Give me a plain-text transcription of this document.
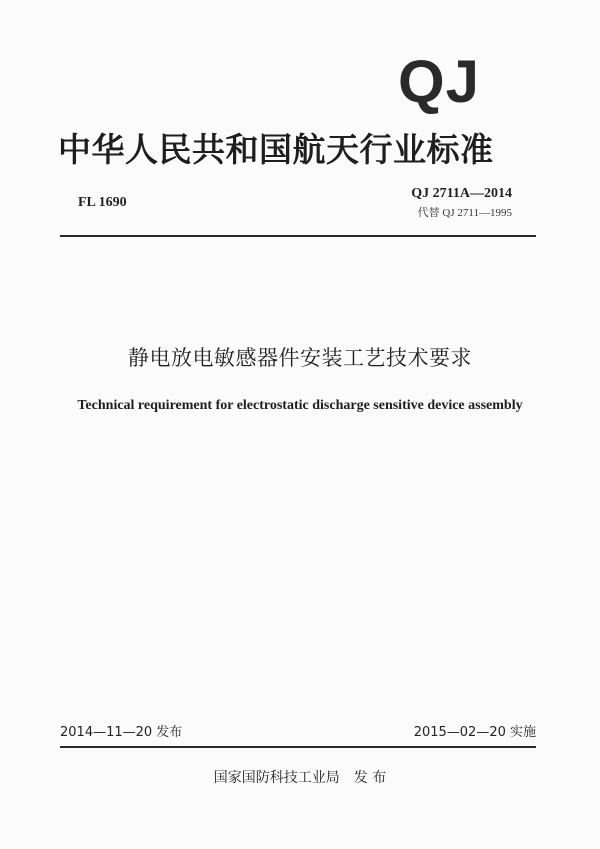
QJ
中华人民共和国航天行业标准
FL 1690
QJ 2711A—2014
代替 QJ 2711—1995
静电放电敏感器件安装工艺技术要求
Technical requirement for electrostatic discharge sensitive device assembly
2014—11—20 发布	2015—02—20 实施
国家国防科技工业局　发 布
